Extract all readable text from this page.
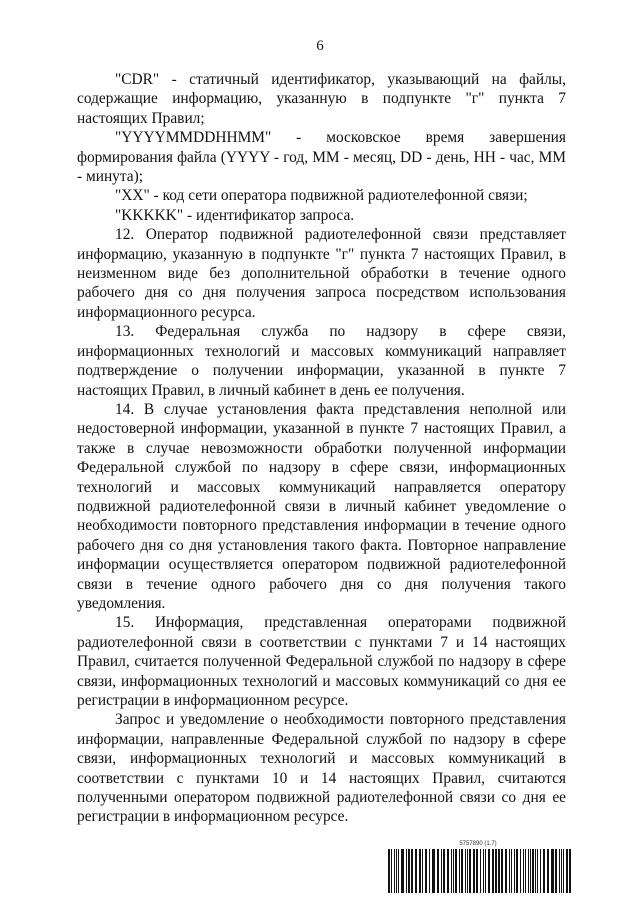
6

"CDR" - статичный идентификатор, указывающий на файлы, содержащие информацию, указанную в подпункте "г" пункта 7 настоящих Правил;

"YYYYMMDDHHMM" - московское время завершения формирования файла (YYYY - год, MM - месяц, DD - день, HH - час, MM - минута);

"XX" - код сети оператора подвижной радиотелефонной связи;

"KKKKK" - идентификатор запроса.

12. Оператор подвижной радиотелефонной связи представляет информацию, указанную в подпункте "г" пункта 7 настоящих Правил, в неизменном виде без дополнительной обработки в течение одного рабочего дня со дня получения запроса посредством использования информационного ресурса.

13. Федеральная служба по надзору в сфере связи, информационных технологий и массовых коммуникаций направляет подтверждение о получении информации, указанной в пункте 7 настоящих Правил, в личный кабинет в день ее получения.

14. В случае установления факта представления неполной или недостоверной информации, указанной в пункте 7 настоящих Правил, а также в случае невозможности обработки полученной информации Федеральной службой по надзору в сфере связи, информационных технологий и массовых коммуникаций направляется оператору подвижной радиотелефонной связи в личный кабинет уведомление о необходимости повторного представления информации в течение одного рабочего дня со дня установления такого факта. Повторное направление информации осуществляется оператором подвижной радиотелефонной связи в течение одного рабочего дня со дня получения такого уведомления.

15. Информация, представленная операторами подвижной радиотелефонной связи в соответствии с пунктами 7 и 14 настоящих Правил, считается полученной Федеральной службой по надзору в сфере связи, информационных технологий и массовых коммуникаций со дня ее регистрации в информационном ресурсе.

Запрос и уведомление о необходимости повторного представления информации, направленные Федеральной службой по надзору в сфере связи, информационных технологий и массовых коммуникаций в соответствии с пунктами 10 и 14 настоящих Правил, считаются полученными оператором подвижной радиотелефонной связи со дня ее регистрации в информационном ресурсе.

5757890 (1.7)
